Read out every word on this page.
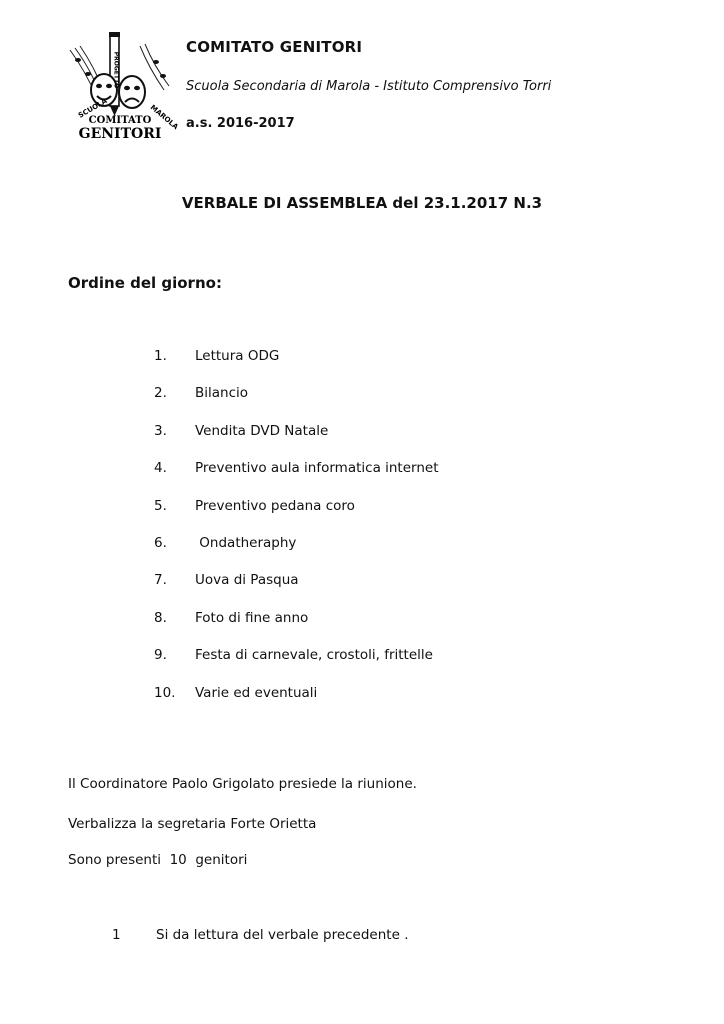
PROGETTO
SCUOLA	MAROLA
COMITATO
GENITORI
COMITATO GENITORI
Scuola Secondaria di Marola - Istituto Comprensivo Torri
a.s. 2016-2017
VERBALE DI ASSEMBLEA del 23.1.2017 N.3
Ordine del giorno:
1. Lettura ODG
2. Bilancio
3. Vendita DVD Natale
4. Preventivo aula informatica internet
5. Preventivo pedana coro
6. Ondatheraphy
7. Uova di Pasqua
8. Foto di fine anno
9. Festa di carnevale, crostoli, frittelle
10. Varie ed eventuali
Il Coordinatore Paolo Grigolato presiede la riunione.
Verbalizza la segretaria Forte Orietta
Sono presenti  10  genitori
1	Si da lettura del verbale precedente .
